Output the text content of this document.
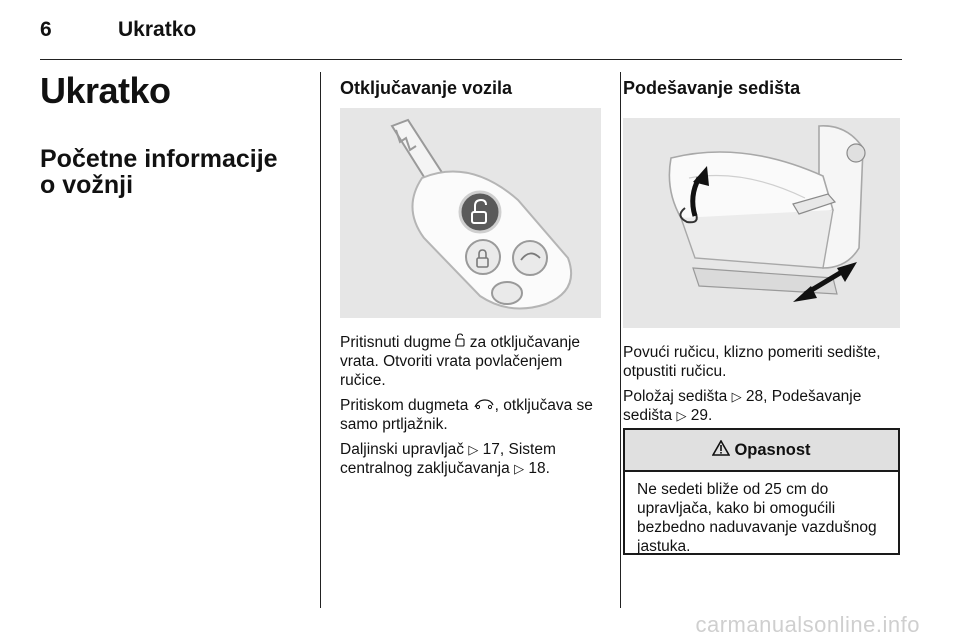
6	Ukratko
Ukratko
Početne informacije
o vožnji
Otključavanje vozila

Pritisnuti dugme za otključavanje vrata. Otvoriti vrata povlačenjem ručice.

Pritiskom dugmeta , otključava se samo prtljažnik.

Daljinski upravljač ▷ 17, Sistem centralnog zaključavanja ▷ 18.

Podešavanje sedišta

Povući ručicu, klizno pomeriti sedište, otpustiti ručicu.

Položaj sedišta ▷ 28, Podešavanje sedišta ▷ 29.

Opasnost
Ne sedeti bliže od 25 cm do upravljača, kako bi omogućili bezbedno naduvavanje vazdušnog jastuka.
carmanualsonline.info
